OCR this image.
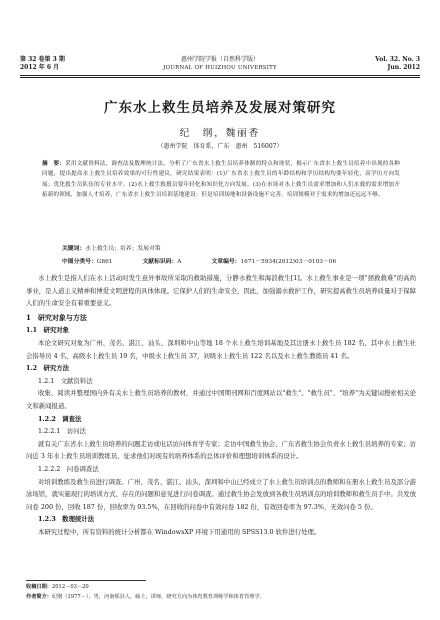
第 32 卷第 3 期
2012 年 6 月
惠州学院学报（自然科学版）
JOURNAL OF HUIZHOU UNIVERSITY
Vol. 32. No. 3
Jun. 2012
广东水上救生员培养及发展对策研究
纪　纲，魏丽香
（惠州学院　体育系，广东　惠州　516007）
摘　要：采用文献资料法、调查法及数理统计法，分析了广东省水上救生员培养体制的特点和现状，揭示广东省水上救生员培养中出现的各种问题，提出提高水上救生员培养效果的可行性建议。研究结果表明：(1)广东省水上救生员的年龄结构和学历结构均要年轻化，高学历方向发展；优化救生员队伍的专业水平。(2)水上救生救援员要年轻化和知识化方向发展，(3)在市场对水上救生员需求增加和人们水救的需求增加开拓新的领域，加强人才培养，广东省水上救生员培训基地建设：但是培训场地和设备设施不完善，培训规模对于需求的增加还远远不够。
关键词：水上救生员；培养；发展对策
中图分类号：G861	文献标识码：A	文章编号：1671－5934(2012)03－0103－06
水上救生是指人们在水上活动时发生意外事故所采取的救助措施，分静水救生和海浪救生[1]。水上救生事业是一项"拯救救难"的高尚事业，是人道主义精神和博爱文明进程的具体体现。它保护人们的生命安全，因此，加强溺水救护工作，研究提高救生员培养质量对于保障人们的生命安全有着重要意义。
1　研究对象与方法
1.1　研究对象
本论文研究对象为广州、茂名、湛江、汕头、深圳和中山等地 18 个水上救生培训基地及其注册水上救生员 182 名，其中水上救生社会指导员 4 名，高级水上救生员 19 名，中级水上救生员 37，初级水上救生员 122 名以及水上救生教练员 41 名。
1.2　研究方法
1.2.1　文献资料法
收集、阅读并整理国内外有关水上救生员培养的教材，并通过中国期刊网和百度网站以"救生"、"救生员"、"培养"为关键词搜索相关论文和新闻报道。
1.2.2　调查法
1.2.2.1　访问法
就有关广东省水上救生员培养的问题走访或电话访问体育学专家；走访中国救生协会、广东省救生协会负责水上救生员培养的专家；访问近 3 年水上救生员培训教练员，征求他们对现有的培养体系的总体评价和理想培训体系的设计。
1.2.2.2　问卷调查法
对培训教练及救生员进行调查。广州、茂名、湛江、汕头、深圳和中山已经成立了水上救生员培训点的教师和在册水上救生员及部分游泳场馆，就实施现行的培训方式、存在的问题和意见进行问卷调查。通过救生协会发放到各救生员培训点的培训教师和救生员手中。共发放问卷 200 份，回收 187 份，回收率为 93.5%，在回收的问卷中有效问卷 182 份，有效回卷率为 97.3%，无效问卷 5 份。
1.2.3　数理统计法
本研究过程中，所有资料的统计分析都在 WindowsXP 环境下用通用的 SPSS13.0 软件进行处理。
收稿日期：2012－03－20
作者简介：纪纲（1977－），男，河南郏县人，硕士，讲师，研究方向为体育教育训练学和体育管理学。
